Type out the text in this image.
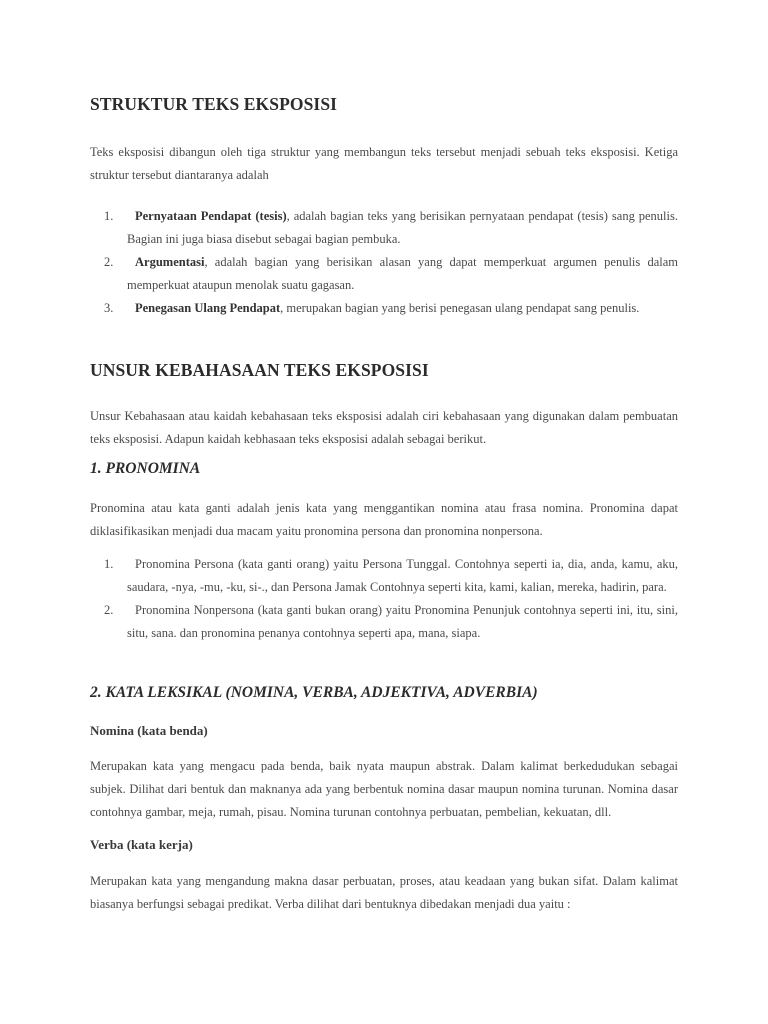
STRUKTUR TEKS EKSPOSISI

Teks eksposisi dibangun oleh tiga struktur yang membangun teks tersebut menjadi sebuah teks eksposisi. Ketiga struktur tersebut diantaranya adalah

1. Pernyataan Pendapat (tesis), adalah bagian teks yang berisikan pernyataan pendapat (tesis) sang penulis. Bagian ini juga biasa disebut sebagai bagian pembuka.
2. Argumentasi, adalah bagian yang berisikan alasan yang dapat memperkuat argumen penulis dalam memperkuat ataupun menolak suatu gagasan.
3. Penegasan Ulang Pendapat, merupakan bagian yang berisi penegasan ulang pendapat sang penulis.
UNSUR KEBAHASAAN TEKS EKSPOSISI

Unsur Kebahasaan atau kaidah kebahasaan teks eksposisi adalah ciri kebahasaan yang digunakan dalam pembuatan teks eksposisi. Adapun kaidah kebhasaan teks eksposisi adalah sebagai berikut.

1. PRONOMINA

Pronomina atau kata ganti adalah jenis kata yang menggantikan nomina atau frasa nomina. Pronomina dapat diklasifikasikan menjadi dua macam yaitu pronomina persona dan pronomina nonpersona.

1. Pronomina Persona (kata ganti orang) yaitu Persona Tunggal. Contohnya seperti ia, dia, anda, kamu, aku, saudara, -nya, -mu, -ku, si-., dan Persona Jamak Contohnya seperti kita, kami, kalian, mereka, hadirin, para.
2. Pronomina Nonpersona (kata ganti bukan orang) yaitu Pronomina Penunjuk contohnya seperti ini, itu, sini, situ, sana. dan pronomina penanya contohnya seperti apa, mana, siapa.
2. KATA LEKSIKAL (NOMINA, VERBA, ADJEKTIVA, ADVERBIA)
Nomina (kata benda)

Merupakan kata yang mengacu pada benda, baik nyata maupun abstrak. Dalam kalimat berkedudukan sebagai subjek. Dilihat dari bentuk dan maknanya ada yang berbentuk nomina dasar maupun nomina turunan. Nomina dasar contohnya gambar, meja, rumah, pisau. Nomina turunan contohnya perbuatan, pembelian, kekuatan, dll.

Verba (kata kerja)

Merupakan kata yang mengandung makna dasar perbuatan, proses, atau keadaan yang bukan sifat. Dalam kalimat biasanya berfungsi sebagai predikat. Verba dilihat dari bentuknya dibedakan menjadi dua yaitu :
